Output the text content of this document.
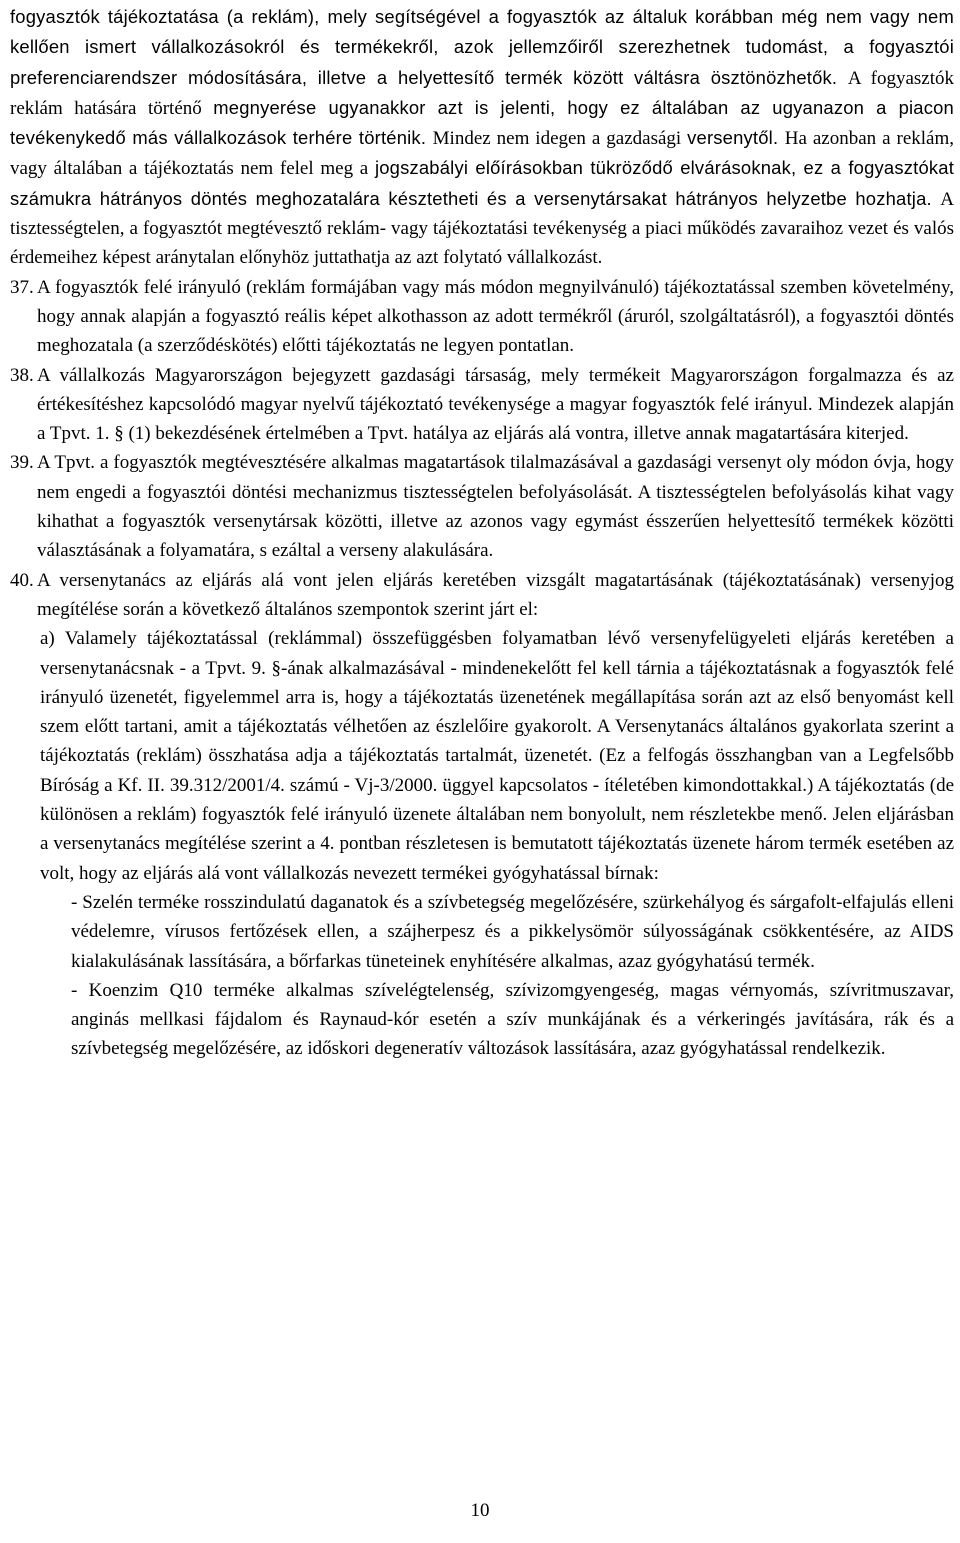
fogyasztók tájékoztatása (a reklám), mely segítségével a fogyasztók az általuk korábban még nem vagy nem kellően ismert vállalkozásokról és termékekről, azok jellemzőiről szerezhetnek tudomást, a fogyasztói preferenciarendszer módosítására, illetve a helyettesítő termék között váltásra ösztönözhetők. A fogyasztók reklám hatására történő megnyerése ugyanakkor azt is jelenti, hogy ez általában az ugyanazon a piacon tevékenykedő más vállalkozások terhére történik. Mindez nem idegen a gazdasági versenytől. Ha azonban a reklám, vagy általában a tájékoztatás nem felel meg a jogszabályi előírásokban tükröződő elvárásoknak, ez a fogyasztókat számukra hátrányos döntés meghozatalára késztetheti és a versenytársakat hátrányos helyzetbe hozhatja. A tisztességtelen, a fogyasztót megtévesztő reklám- vagy tájékoztatási tevékenység a piaci működés zavaraihoz vezet és valós érdemeihez képest aránytalan előnyhöz juttathatja az azt folytató vállalkozást.

37. A fogyasztók felé irányuló (reklám formájában vagy más módon megnyilvánuló) tájékoztatással szemben követelmény, hogy annak alapján a fogyasztó reális képet alkothasson az adott termékről (áruról, szolgáltatásról), a fogyasztói döntés meghozatala (a szerződéskötés) előtti tájékoztatás ne legyen pontatlan.

38. A vállalkozás Magyarországon bejegyzett gazdasági társaság, mely termékeit Magyarországon forgalmazza és az értékesítéshez kapcsolódó magyar nyelvű tájékoztató tevékenysége a magyar fogyasztók felé irányul. Mindezek alapján a Tpvt. 1. § (1) bekezdésének értelmében a Tpvt. hatálya az eljárás alá vontra, illetve annak magatartására kiterjed.

39. A Tpvt. a fogyasztók megtévesztésére alkalmas magatartások tilalmazásával a gazdasági versenyt oly módon óvja, hogy nem engedi a fogyasztói döntési mechanizmus tisztességtelen befolyásolását. A tisztességtelen befolyásolás kihat vagy kihathat a fogyasztók versenytársak közötti, illetve az azonos vagy egymást ésszerűen helyettesítő termékek közötti választásának a folyamatára, s ezáltal a verseny alakulására.

40. A versenytanács az eljárás alá vont jelen eljárás keretében vizsgált magatartásának (tájékoztatásának) versenyjog megítélése során a következő általános szempontok szerint járt el:

a) Valamely tájékoztatással (reklámmal) összefüggésben folyamatban lévő versenyfelügyeleti eljárás keretében a versenytanácsnak - a Tpvt. 9. §-ának alkalmazásával - mindenekelőtt fel kell tárnia a tájékoztatásnak a fogyasztók felé irányuló üzenetét, figyelemmel arra is, hogy a tájékoztatás üzenetének megállapítása során azt az első benyomást kell szem előtt tartani, amit a tájékoztatás vélhetően az észlelőire gyakorolt. A Versenytanács általános gyakorlata szerint a tájékoztatás (reklám) összhatása adja a tájékoztatás tartalmát, üzenetét. (Ez a felfogás összhangban van a Legfelsőbb Bíróság a Kf. II. 39.312/2001/4. számú - Vj-3/2000. üggyel kapcsolatos - ítéletében kimondottakkal.) A tájékoztatás (de különösen a reklám) fogyasztók felé irányuló üzenete általában nem bonyolult, nem részletekbe menő. Jelen eljárásban a versenytanács megítélése szerint a 4. pontban részletesen is bemutatott tájékoztatás üzenete három termék esetében az volt, hogy az eljárás alá vont vállalkozás nevezett termékei gyógyhatással bírnak:

- Szelén terméke rosszindulatú daganatok és a szívbetegség megelőzésére, szürkehályog és sárgafolt-elfajulás elleni védelemre, vírusos fertőzések ellen, a szájherpesz és a pikkelysömör súlyosságának csökkentésére, az AIDS kialakulásának lassítására, a bőrfarkas tüneteinek enyhítésére alkalmas, azaz gyógyhatású termék.

- Koenzim Q10 terméke alkalmas szívelégtelenség, szívizomgyengeség, magas vérnyomás, szívritmuszavar, anginás mellkasi fájdalom és Raynaud-kór esetén a szív munkájának és a vérkeringés javítására, rák és a szívbetegség megelőzésére, az időskori degeneratív változások lassítására, azaz gyógyhatással rendelkezik.

10
